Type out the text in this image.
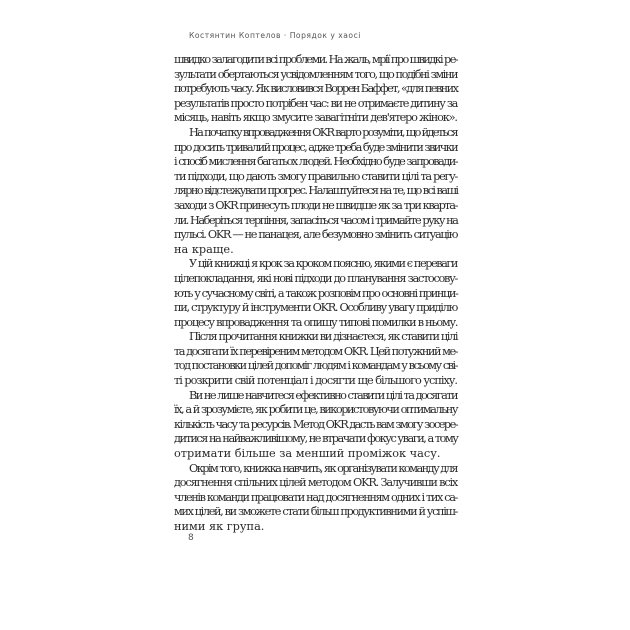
Костянтин Коптелов · Порядок у хаосі

швидко залагодити всі проблеми. На жаль, мрії про швидкі ре-
зультати обертаються усвідомленням того, що подібні зміни
потребують часу. Як висловився Воррен Баффет, «для певних
результатів просто потрібен час: ви не отримаєте дитину за
місяць, навіть якщо змусите завагітніти дев'ятеро жінок».

На початку впровадження OKR варто розуміти, що йдеться
про досить тривалий процес, адже треба буде змінити звички
і спосіб мислення багатьох людей. Необхідно буде запровади-
ти підходи, що дають змогу правильно ставити цілі та регу-
лярно відстежувати прогрес. Налаштуйтеся на те, що всі ваші
заходи з OKR принесуть плоди не швидше як за три кварта-
ли. Наберіться терпіння, запасіться часом і тримайте руку на
пульсі. OKR — не панацея, але безумовно змінить ситуацію
на краще.

У цій книжці я крок за кроком поясню, якими є переваги
цілепокладання, які нові підходи до планування застосову-
ють у сучасному світі, а також розповім про основні принци-
пи, структуру й інструменти OKR. Особливу увагу приділю
процесу впровадження та опишу типові помилки в ньому.

Після прочитання книжки ви дізнаєтеся, як ставити цілі
та досягати їх перевіреним методом OKR. Цей потужний ме-
тод постановки цілей допоміг людям і командам у всьому сві-
ті розкрити свій потенціал і досягти ще більшого успіху.

Ви не лише навчитеся ефективно ставити цілі та досягати
їх, а й зрозумієте, як робити це, використовуючи оптимальну
кількість часу та ресурсів. Метод OKR дасть вам змогу зосере-
дитися на найважливішому, не втрачати фокус уваги, а тому
отримати більше за менший проміжок часу.

Окрім того, книжка навчить, як організувати команду для
досягнення спільних цілей методом OKR. Залучивши всіх
членів команди працювати над досягненням одних і тих са-
мих цілей, ви зможете стати більш продуктивними й успіш-
ними як група.

8
